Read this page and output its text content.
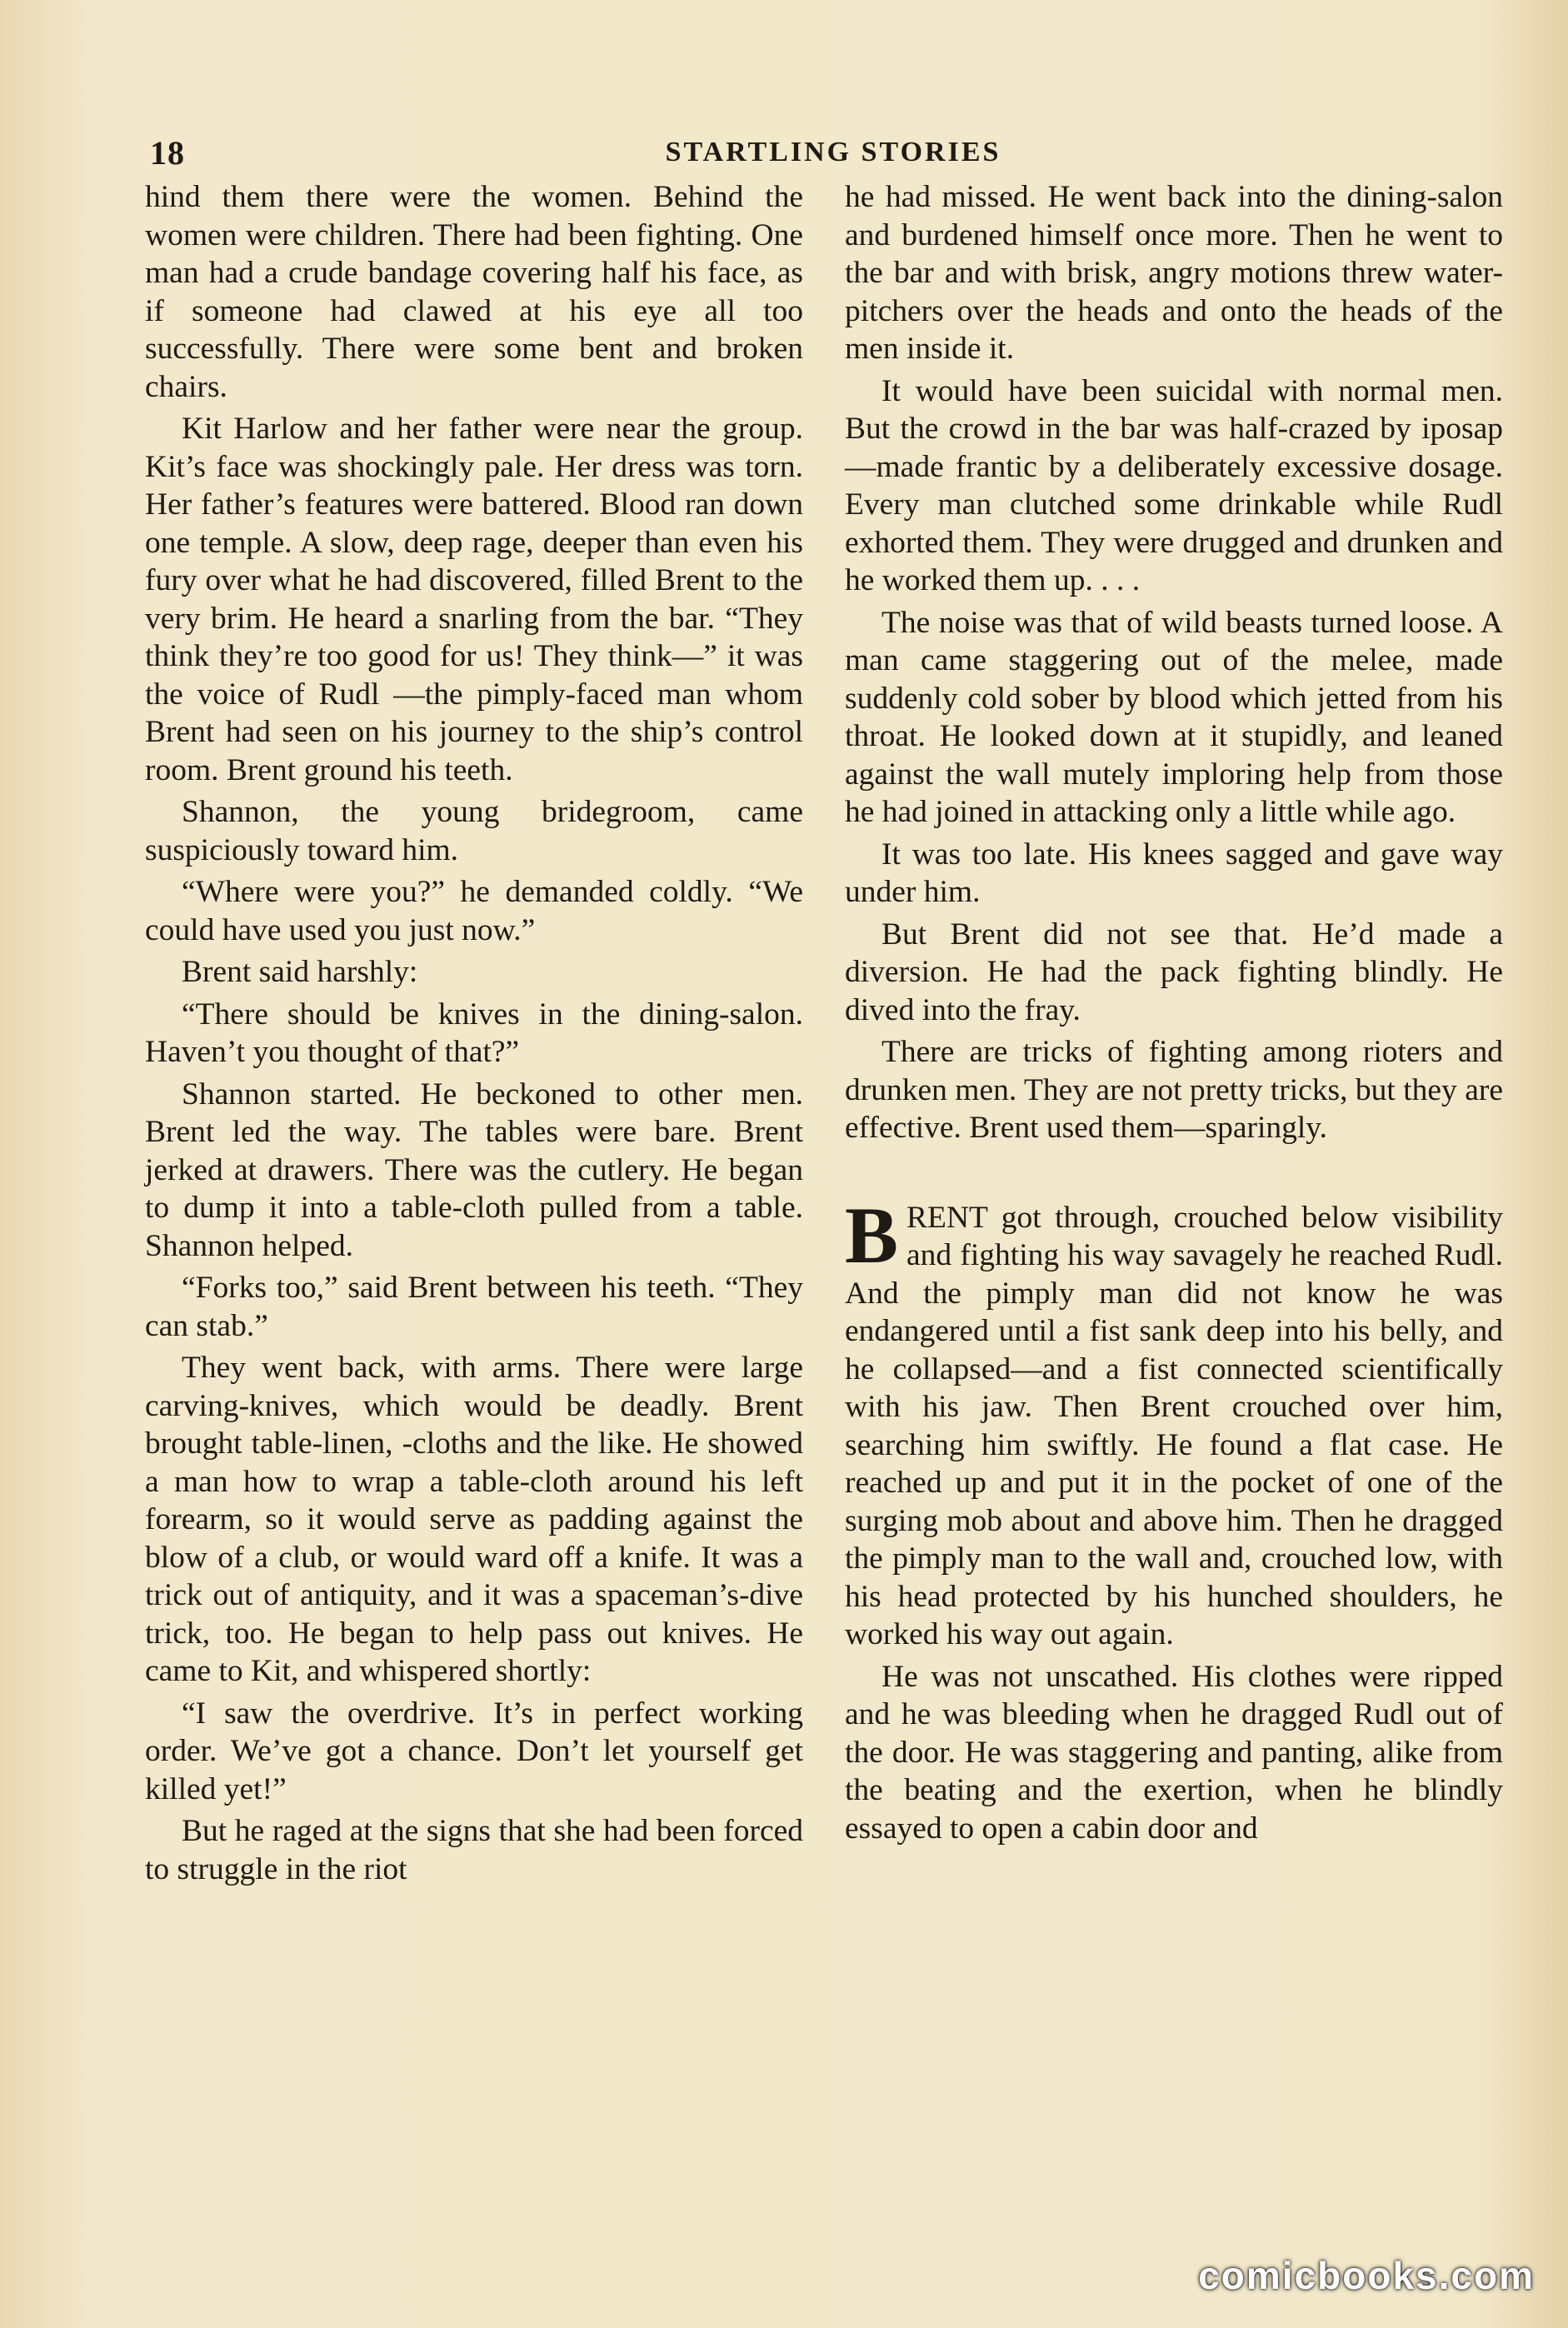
18	STARTLING STORIES

hind them there were the women. Behind the women were children. There had been fighting. One man had a crude bandage covering half his face, as if someone had clawed at his eye all too successfully. There were some bent and broken chairs.

Kit Harlow and her father were near the group. Kit’s face was shockingly pale. Her dress was torn. Her father’s features were battered. Blood ran down one temple. A slow, deep rage, deeper than even his fury over what he had discovered, filled Brent to the very brim. He heard a snarling from the bar. “They think they’re too good for us! They think—” it was the voice of Rudl —the pimply-faced man whom Brent had seen on his journey to the ship’s control room. Brent ground his teeth.

Shannon, the young bridegroom, came suspiciously toward him.

“Where were you?” he demanded coldly. “We could have used you just now.”

Brent said harshly:

“There should be knives in the dining-salon. Haven’t you thought of that?”

Shannon started. He beckoned to other men. Brent led the way. The tables were bare. Brent jerked at drawers. There was the cutlery. He began to dump it into a table-cloth pulled from a table. Shannon helped.

“Forks too,” said Brent between his teeth. “They can stab.”

They went back, with arms. There were large carving-knives, which would be deadly. Brent brought table-linen, -cloths and the like. He showed a man how to wrap a table-cloth around his left forearm, so it would serve as padding against the blow of a club, or would ward off a knife. It was a trick out of antiquity, and it was a spaceman’s-dive trick, too. He began to help pass out knives. He came to Kit, and whispered shortly:

“I saw the overdrive. It’s in perfect working order. We’ve got a chance. Don’t let yourself get killed yet!”

But he raged at the signs that she had been forced to struggle in the riot

he had missed. He went back into the dining-salon and burdened himself once more. Then he went to the bar and with brisk, angry motions threw water-pitchers over the heads and onto the heads of the men inside it.

It would have been suicidal with normal men. But the crowd in the bar was half-crazed by iposap—made frantic by a deliberately excessive dosage. Every man clutched some drinkable while Rudl exhorted them. They were drugged and drunken and he worked them up. . . .

The noise was that of wild beasts turned loose. A man came staggering out of the melee, made suddenly cold sober by blood which jetted from his throat. He looked down at it stupidly, and leaned against the wall mutely imploring help from those he had joined in attacking only a little while ago.

It was too late. His knees sagged and gave way under him.

But Brent did not see that. He’d made a diversion. He had the pack fighting blindly. He dived into the fray.

There are tricks of fighting among rioters and drunken men. They are not pretty tricks, but they are effective. Brent used them—sparingly.

BRENT got through, crouched below visibility and fighting his way savagely he reached Rudl. And the pimply man did not know he was endangered until a fist sank deep into his belly, and he collapsed—and a fist connected scientifically with his jaw. Then Brent crouched over him, searching him swiftly. He found a flat case. He reached up and put it in the pocket of one of the surging mob about and above him. Then he dragged the pimply man to the wall and, crouched low, with his head protected by his hunched shoulders, he worked his way out again.

He was not unscathed. His clothes were ripped and he was bleeding when he dragged Rudl out of the door. He was staggering and panting, alike from the beating and the exertion, when he blindly essayed to open a cabin door and

comicbooks.com
